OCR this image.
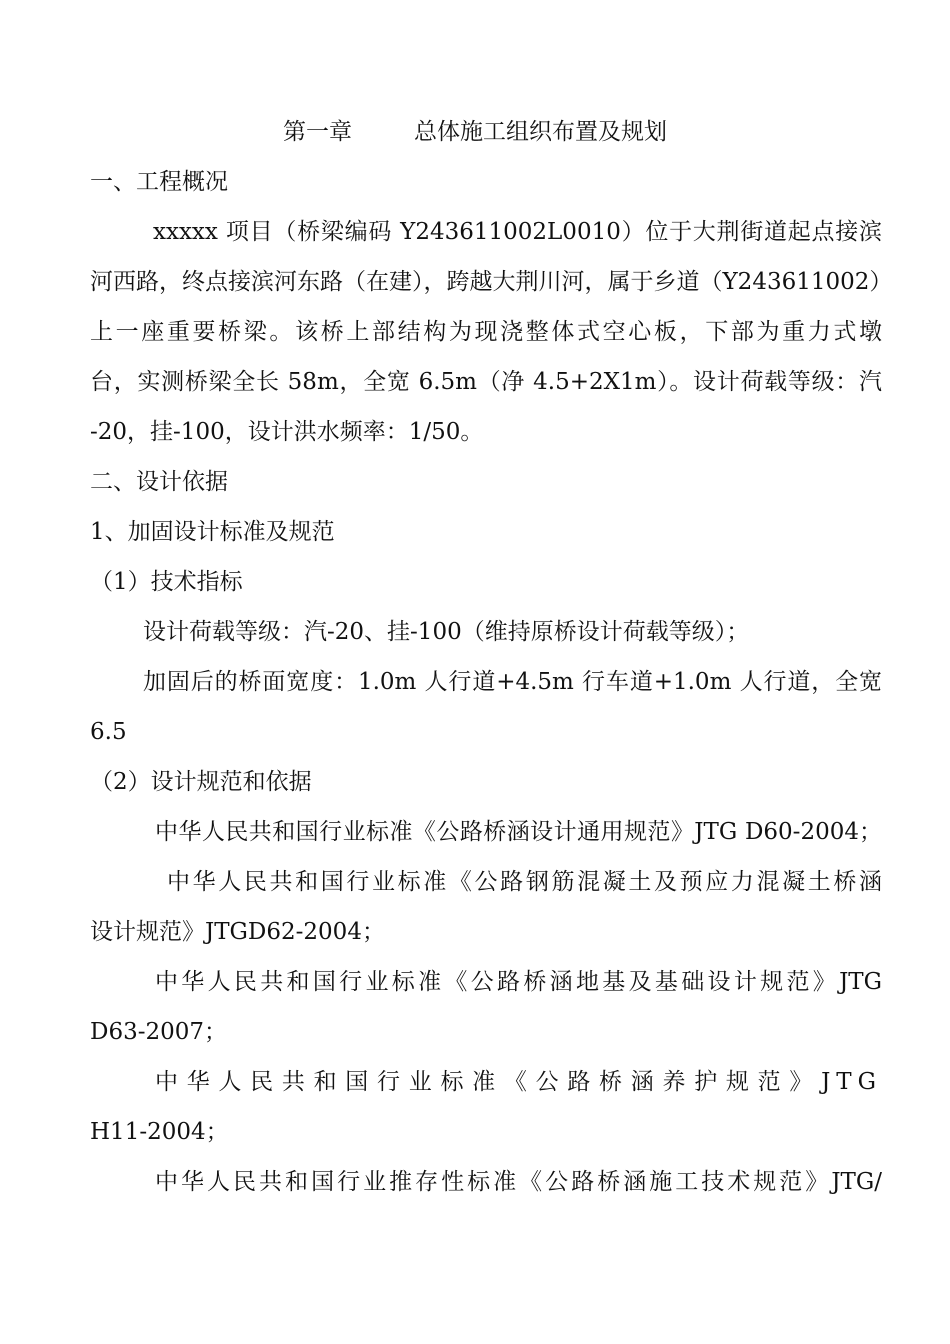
第一章	总体施工组织布置及规划
一、工程概况
xxxxx 项目（桥梁编码 Y243611002L0010）位于大荆街道起点接滨
河西路，终点接滨河东路（在建），跨越大荆川河，属于乡道（Y243611002）
上一座重要桥梁。该桥上部结构为现浇整体式空心板，下部为重力式墩
台，实测桥梁全长 58m，全宽 6.5m（净 4.5+2X1m）。设计荷载等级：汽
-20，挂-100，设计洪水频率：1/50。
二、设计依据
1、加固设计标准及规范
（1）技术指标
设计荷载等级：汽-20、挂-100（维持原桥设计荷载等级）；
加固后的桥面宽度：1.0m 人行道+4.5m 行车道+1.0m 人行道，全宽
6.5
（2）设计规范和依据
中华人民共和国行业标准《公路桥涵设计通用规范》JTG D60-2004；
中华人民共和国行业标准《公路钢筋混凝土及预应力混凝土桥涵
设计规范》JTGD62-2004；
中华人民共和国行业标准《公路桥涵地基及基础设计规范》JTG
D63-2007；
中华人民共和国行业标准《公路桥涵养护规范》JTG
H11-2004；
中华人民共和国行业推存性标准《公路桥涵施工技术规范》JTG/
